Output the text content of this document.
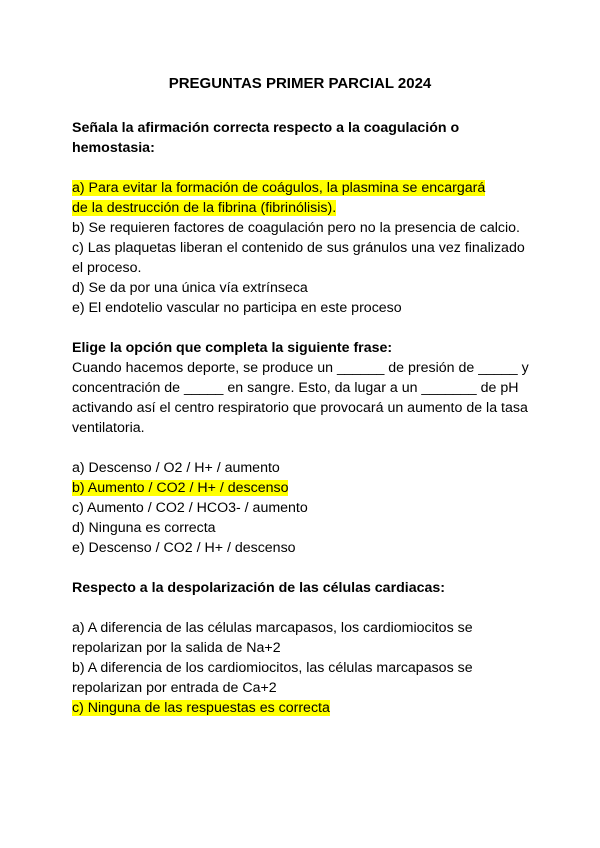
PREGUNTAS PRIMER PARCIAL 2024
Señala la afirmación correcta respecto a la coagulación o hemostasia:
a) Para evitar la formación de coágulos, la plasmina se encargará
de la destrucción de la fibrina (fibrinólisis).
b) Se requieren factores de coagulación pero no la presencia de calcio.
c) Las plaquetas liberan el contenido de sus gránulos una vez finalizado el proceso.
d) Se da por una única vía extrínseca
e) El endotelio vascular no participa en este proceso
Elige la opción que completa la siguiente frase:
Cuando hacemos deporte, se produce un ______ de presión de _____ y concentración de _____ en sangre. Esto, da lugar a un _______ de pH activando así el centro respiratorio que provocará un aumento de la tasa ventilatoria.
a) Descenso / O2 / H+ / aumento
b) Aumento / CO2 / H+ / descenso
c) Aumento / CO2 / HCO3- / aumento
d) Ninguna es correcta
e) Descenso / CO2 / H+ / descenso
Respecto a la despolarización de las células cardiacas:
a) A diferencia de las células marcapasos, los cardiomiocitos se repolarizan por la salida de Na+2
b) A diferencia de los cardiomiocitos, las células marcapasos se repolarizan por entrada de Ca+2
c) Ninguna de las respuestas es correcta
